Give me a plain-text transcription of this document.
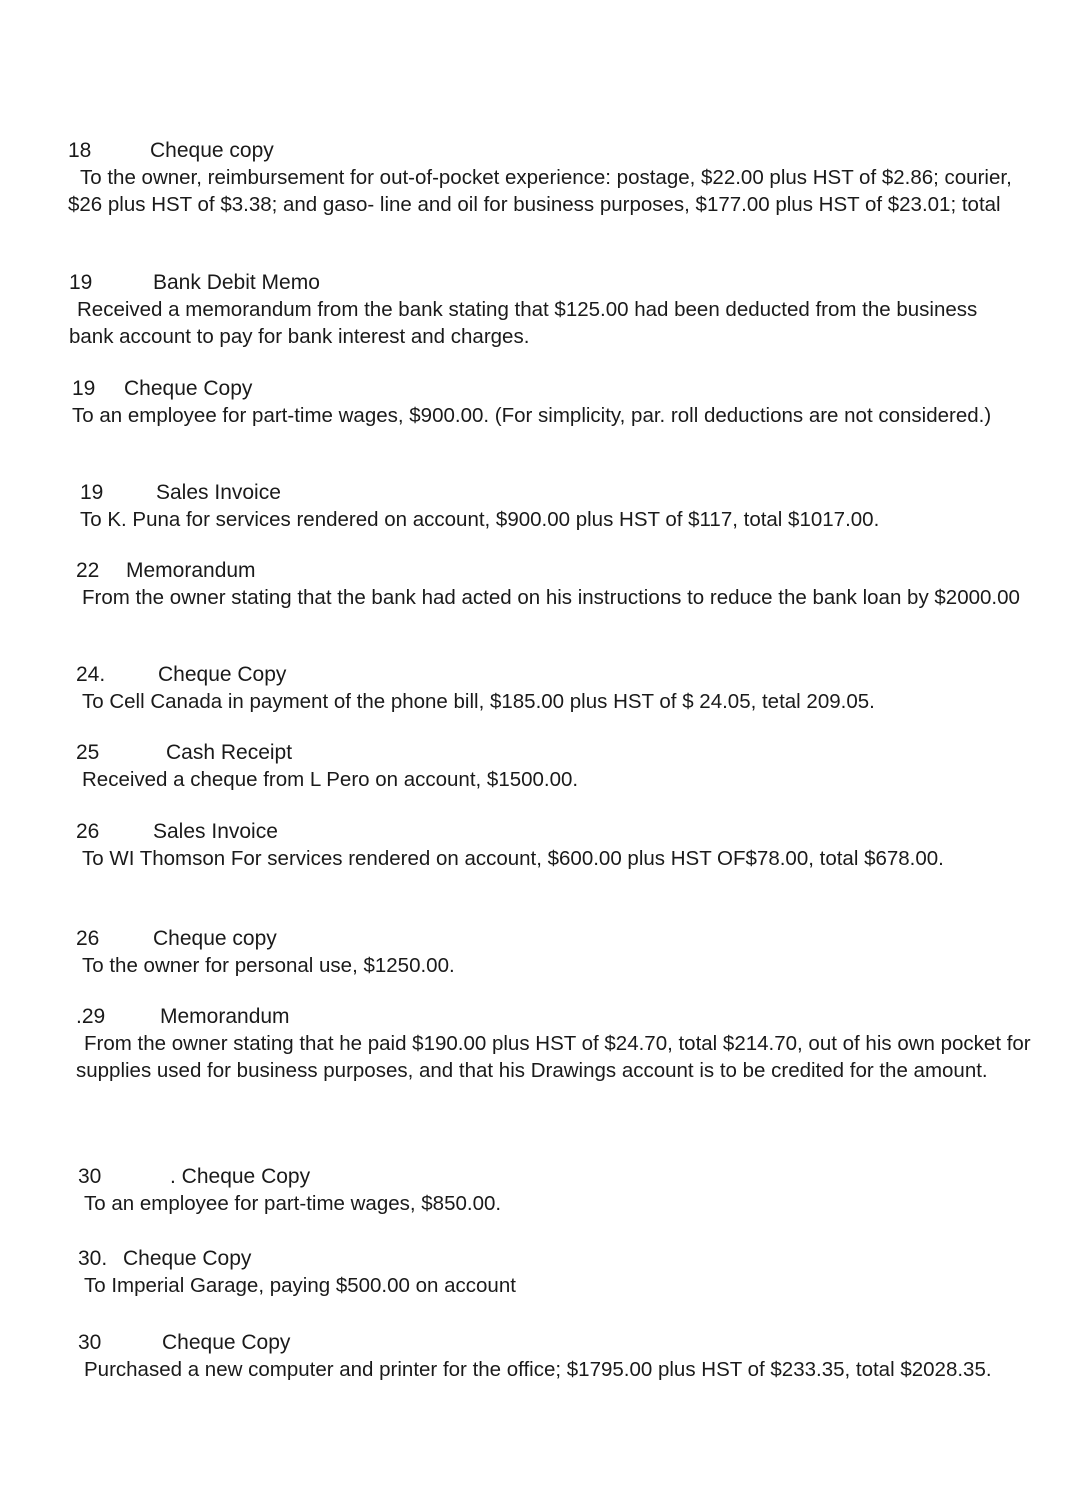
18	Cheque copy
To the owner, reimbursement for out-of-pocket experience: postage, $22.00 plus HST of $2.86; courier, $26 plus HST of $3.38; and gaso- line and oil for business purposes, $177.00 plus HST of $23.01; total
19	Bank Debit Memo
Received a memorandum from the bank stating that $125.00 had been deducted from the business bank account to pay for bank interest and charges.
19 Cheque Copy
To an employee for part-time wages, $900.00. (For simplicity, par. roll deductions are not considered.)
19	Sales Invoice
To K. Puna for services rendered on account, $900.00 plus HST of $117, total $1017.00.
22 Memorandum
From the owner stating that the bank had acted on his instructions to reduce the bank loan by $2000.00
24.	Cheque Copy
To Cell Canada in payment of the phone bill, $185.00 plus HST of $ 24.05, tetal 209.05.
25	Cash Receipt
Received a cheque from L Pero on account, $1500.00.
26	Sales Invoice
To WI Thomson For services rendered on account, $600.00 plus HST OF$78.00, total $678.00.
26	Cheque copy
To the owner for personal use, $1250.00.
.29	Memorandum
From the owner stating that he paid $190.00 plus HST of $24.70, total $214.70, out of his own pocket for supplies used for business purposes, and that his Drawings account is to be credited for the amount.
30	. Cheque Copy
To an employee for part-time wages, $850.00.
30. Cheque Copy
To Imperial Garage, paying $500.00 on account
30	Cheque Copy
Purchased a new computer and printer for the office; $1795.00 plus HST of $233.35, total $2028.35.
